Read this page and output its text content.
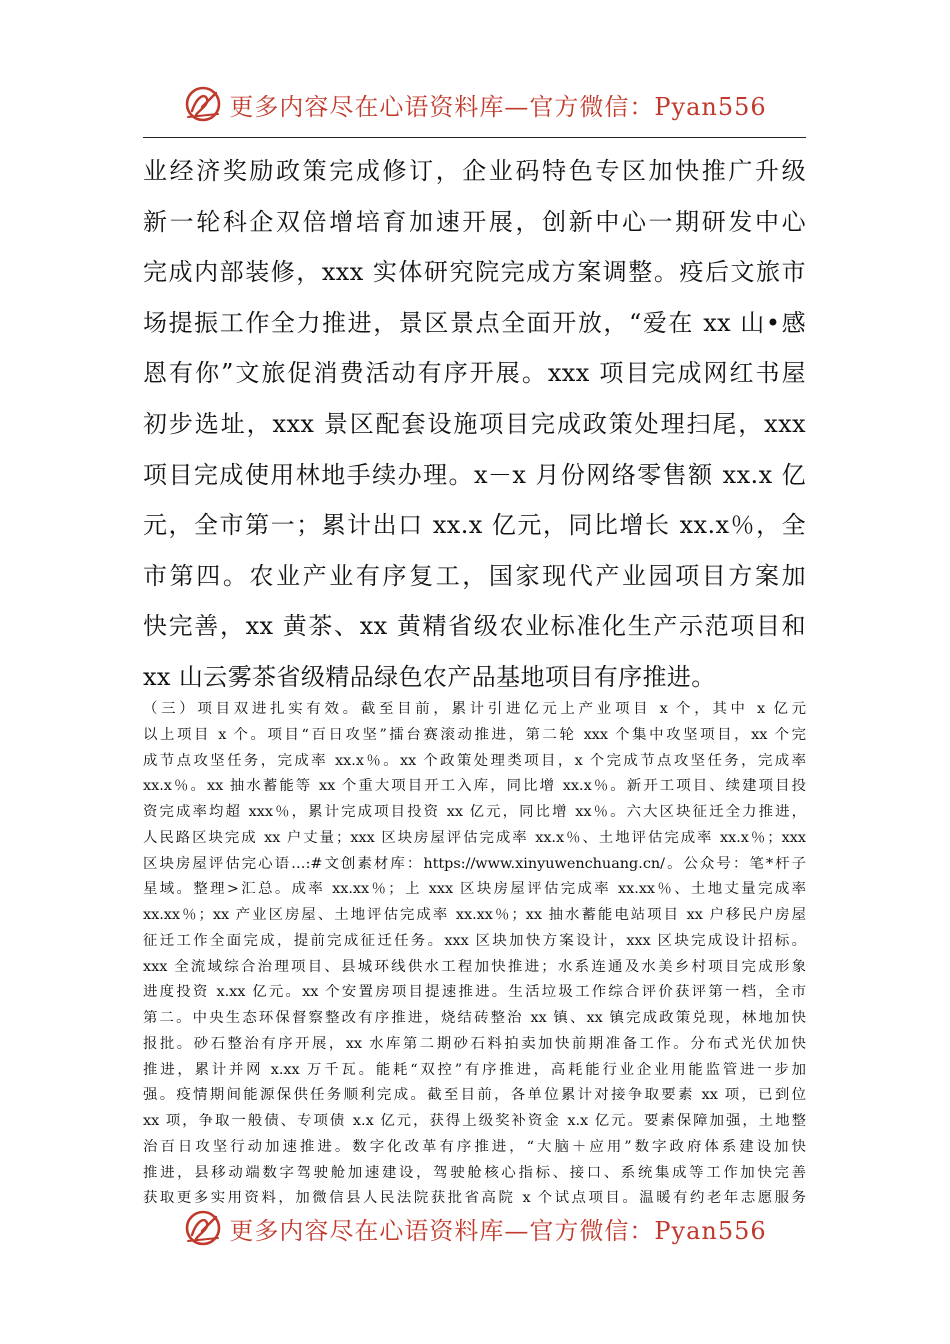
更多内容尽在心语资料库—官方微信：Pyan556
业经济奖励政策完成修订，企业码特色专区加快推广升级
新一轮科企双倍增培育加速开展，创新中心一期研发中心
完成内部装修，xxx 实体研究院完成方案调整。疫后文旅市
场提振工作全力推进，景区景点全面开放，“爱在 xx 山•感
恩有你”文旅促消费活动有序开展。xxx 项目完成网红书屋
初步选址，xxx 景区配套设施项目完成政策处理扫尾，xxx
项目完成使用林地手续办理。x－x 月份网络零售额 xx.x 亿
元，全市第一；累计出口 xx.x 亿元，同比增长 xx.x％，全
市第四。农业产业有序复工，国家现代产业园项目方案加
快完善，xx 黄茶、xx 黄精省级农业标准化生产示范项目和
xx 山云雾茶省级精品绿色农产品基地项目有序推进。
（三）项目双进扎实有效。截至目前，累计引进亿元上产业项目 x 个，其中 x 亿元
以上项目 x 个。项目“百日攻坚”擂台赛滚动推进，第二轮 xxx 个集中攻坚项目，xx 个完
成节点攻坚任务，完成率 xx.x％。xx 个政策处理类项目，x 个完成节点攻坚任务，完成率
xx.x％。xx 抽水蓄能等 xx 个重大项目开工入库，同比增 xx.x％。新开工项目、续建项目投
资完成率均超 xxx％，累计完成项目投资 xx 亿元，同比增 xx％。六大区块征迁全力推进，
人民路区块完成 xx 户丈量；xxx 区块房屋评估完成率 xx.x％、土地评估完成率 xx.x％；xxx
区块房屋评估完心语…:#文创素材库：https://www.xinyuwenchuang.cn/。公众号：笔*杆子
星域。整理>汇总。成率 xx.xx％；上 xxx 区块房屋评估完成率 xx.xx％、土地丈量完成率
xx.xx％；xx 产业区房屋、土地评估完成率 xx.xx％；xx 抽水蓄能电站项目 xx 户移民户房屋
征迁工作全面完成，提前完成征迁任务。xxx 区块加快方案设计，xxx 区块完成设计招标。
xxx 全流域综合治理项目、县城环线供水工程加快推进；水系连通及水美乡村项目完成形象
进度投资 x.xx 亿元。xx 个安置房项目提速推进。生活垃圾工作综合评价获评第一档，全市
第二。中央生态环保督察整改有序推进，烧结砖整治 xx 镇、xx 镇完成政策兑现，林地加快
报批。砂石整治有序开展，xx 水库第二期砂石料拍卖加快前期准备工作。分布式光伏加快
推进，累计并网 x.xx 万千瓦。能耗“双控”有序推进，高耗能行业企业用能监管进一步加
强。疫情期间能源保供任务顺利完成。截至目前，各单位累计对接争取要素 xx 项，已到位
xx 项，争取一般债、专项债 x.x 亿元，获得上级奖补资金 x.x 亿元。要素保障加强，土地整
治百日攻坚行动加速推进。数字化改革有序推进，“大脑＋应用”数字政府体系建设加快
推进，县移动端数字驾驶舱加速建设，驾驶舱核心指标、接口、系统集成等工作加快完善
获取更多实用资料，加微信县人民法院获批省高院 x 个试点项目。温暖有约老年志愿服务
更多内容尽在心语资料库—官方微信：Pyan556
